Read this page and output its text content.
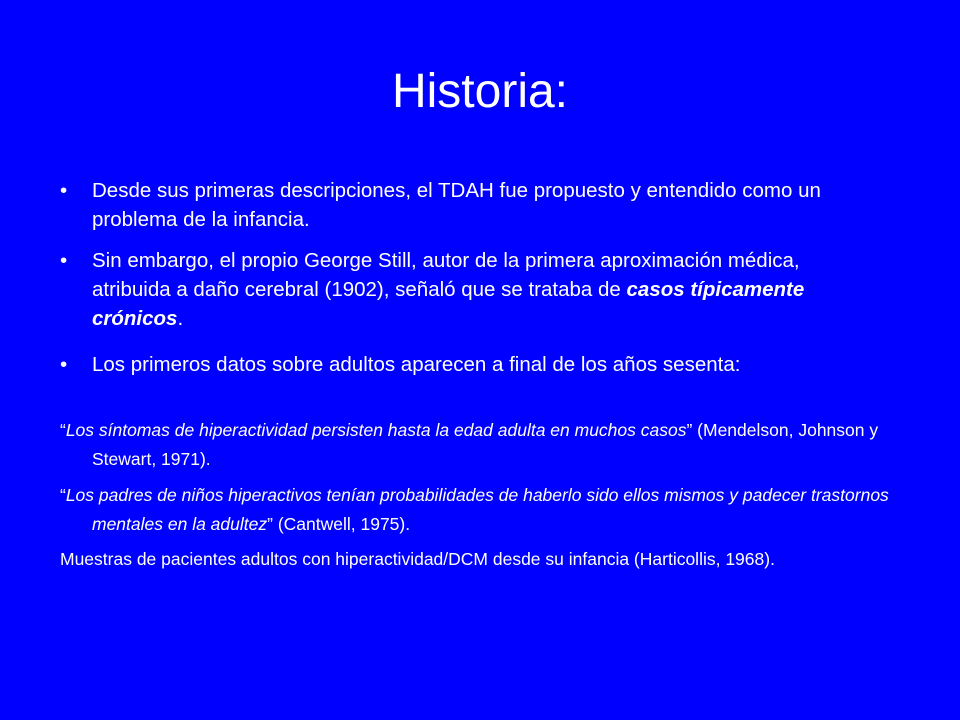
Historia:
•	Desde sus primeras descripciones, el TDAH fue propuesto y entendido como un problema de la infancia.
•	Sin embargo, el propio George Still, autor de la primera aproximación médica, atribuida a daño cerebral (1902), señaló que se trataba de casos típicamente crónicos.
•	Los primeros datos sobre adultos aparecen a final de los años sesenta:
“Los síntomas de hiperactividad persisten hasta la edad adulta en muchos casos” (Mendelson, Johnson y Stewart, 1971).
“Los padres de niños hiperactivos tenían probabilidades de haberlo sido ellos mismos y padecer trastornos mentales en la adultez” (Cantwell, 1975).
Muestras de pacientes adultos con hiperactividad/DCM desde su infancia (Harticollis, 1968).
